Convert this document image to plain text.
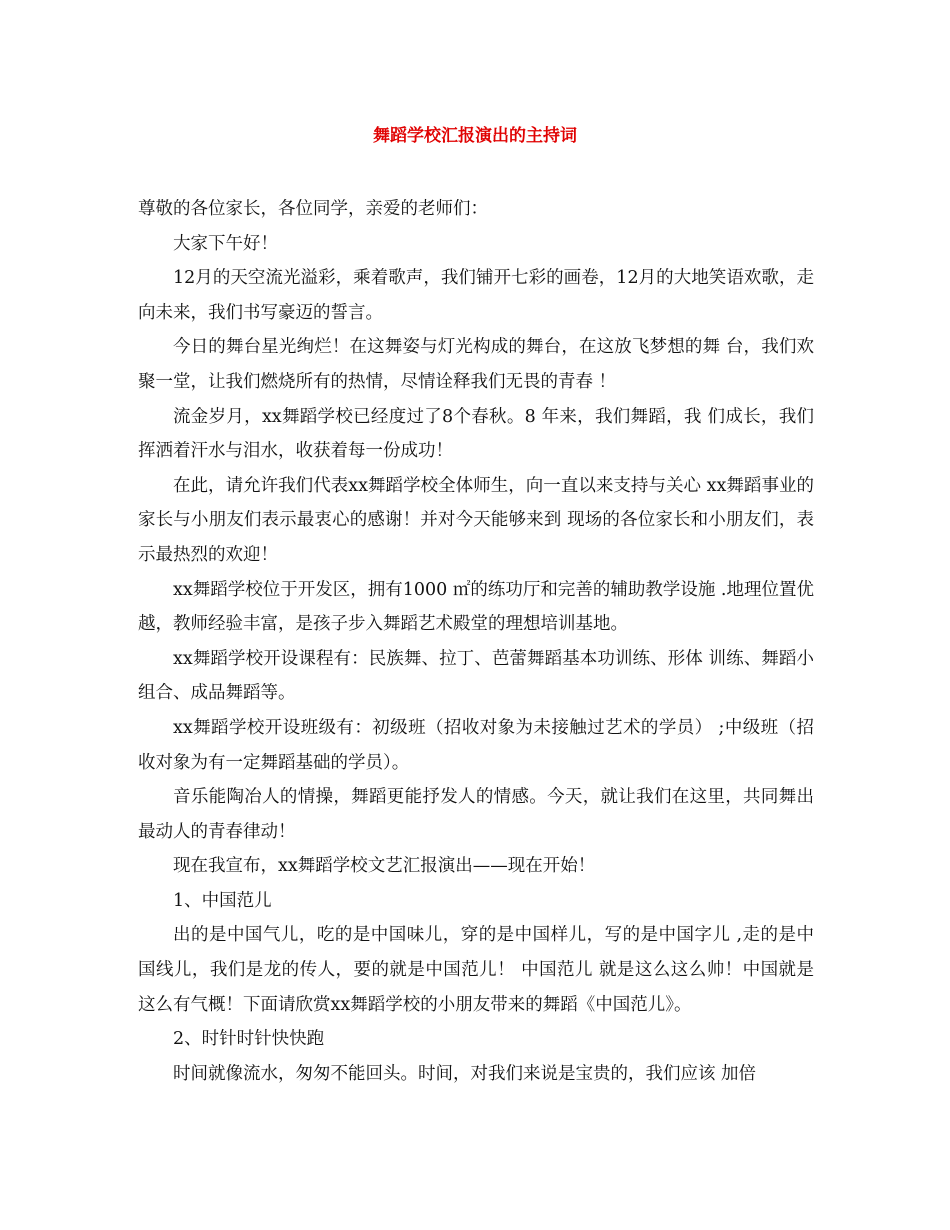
舞蹈学校汇报演出的主持词

尊敬的各位家长，各位同学，亲爱的老师们：

大家下午好！

12月的天空流光溢彩，乘着歌声，我们铺开七彩的画卷，12月的大地笑语欢歌，走向未来，我们书写豪迈的誓言。

今日的舞台星光绚烂！在这舞姿与灯光构成的舞台，在这放飞梦想的舞 台，我们欢聚一堂，让我们燃烧所有的热情，尽情诠释我们无畏的青春 ！

流金岁月，xx舞蹈学校已经度过了8个春秋。8 年来，我们舞蹈，我 们成长，我们挥洒着汗水与泪水，收获着每一份成功！

在此，请允许我们代表xx舞蹈学校全体师生，向一直以来支持与关心 xx舞蹈事业的家长与小朋友们表示最衷心的感谢！并对今天能够来到 现场的各位家长和小朋友们，表示最热烈的欢迎！

xx舞蹈学校位于开发区，拥有1000 ㎡的练功厅和完善的辅助教学设施 .地理位置优越，教师经验丰富，是孩子步入舞蹈艺术殿堂的理想培训基地。

xx舞蹈学校开设课程有：民族舞、拉丁、芭蕾舞蹈基本功训练、形体 训练、舞蹈小组合、成品舞蹈等。

xx舞蹈学校开设班级有：初级班（招收对象为未接触过艺术的学员） ;中级班（招收对象为有一定舞蹈基础的学员）。

音乐能陶冶人的情操，舞蹈更能抒发人的情感。今天，就让我们在这里，共同舞出最动人的青春律动！

现在我宣布，xx舞蹈学校文艺汇报演出——现在开始！

1、中国范儿

出的是中国气儿，吃的是中国味儿，穿的是中国样儿，写的是中国字儿 ,走的是中国线儿，我们是龙的传人，要的就是中国范儿！ 中国范儿 就是这么这么帅！中国就是这么有气概！下面请欣赏xx舞蹈学校的小朋友带来的舞蹈《中国范儿》。

2、时针时针快快跑

时间就像流水，匆匆不能回头。时间，对我们来说是宝贵的，我们应该 加倍
